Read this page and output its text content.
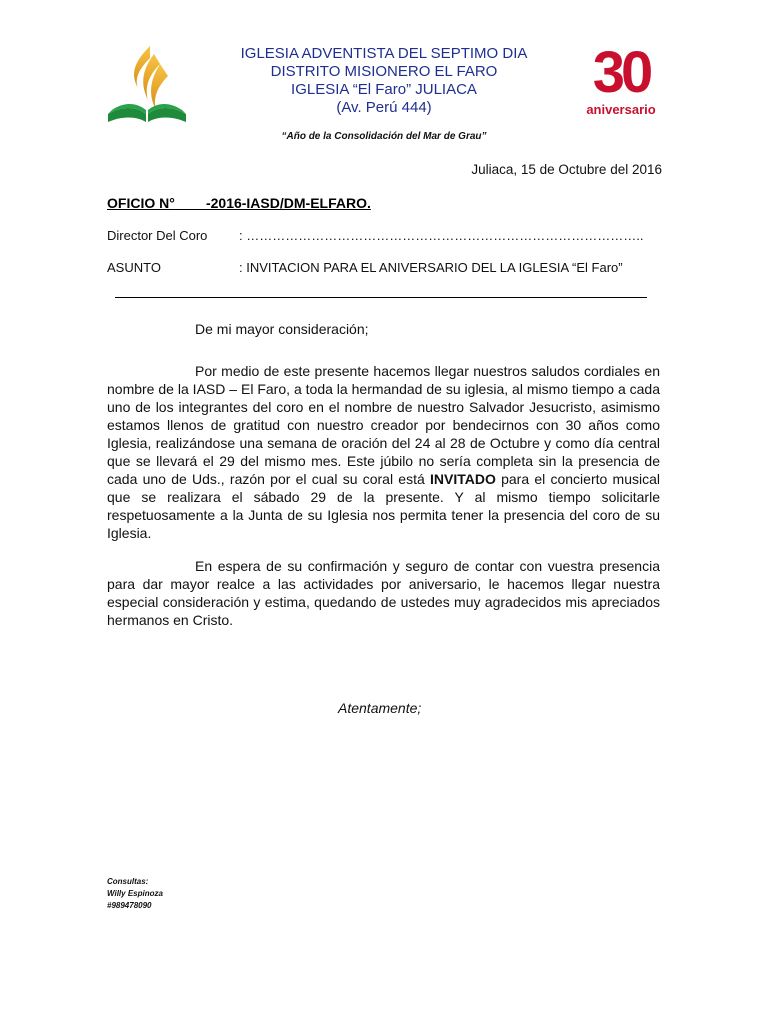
IGLESIA ADVENTISTA DEL SEPTIMO DIA
DISTRITO MISIONERO EL FARO
IGLESIA “El Faro” JULIACA
(Av. Perú 444)
30
aniversario
“Año de la Consolidación del Mar de Grau”
Juliaca, 15 de Octubre del 2016
OFICIO N° -2016-IASD/DM-ELFARO.
Director Del Coro : ………………………………………………………………………………..
ASUNTO	: INVITACION PARA EL ANIVERSARIO DEL LA IGLESIA “El Faro”
De mi mayor consideración;
Por medio de este presente hacemos llegar nuestros saludos cordiales en nombre de la IASD – El Faro, a toda la hermandad de su iglesia, al mismo tiempo a cada uno de los integrantes del coro en el nombre de nuestro Salvador Jesucristo, asimismo estamos llenos de gratitud con nuestro creador por bendecirnos con 30 años como Iglesia, realizándose una semana de oración del 24 al 28 de Octubre y como día central que se llevará el 29 del mismo mes. Este júbilo no sería completa sin la presencia de cada uno de Uds., razón por el cual su coral está INVITADO para el concierto musical que se realizara el sábado 29 de la presente. Y al mismo tiempo solicitarle respetuosamente a la Junta de su Iglesia nos permita tener la presencia del coro de su Iglesia.
En espera de su confirmación y seguro de contar con vuestra presencia para dar mayor realce a las actividades por aniversario, le hacemos llegar nuestra especial consideración y estima, quedando de ustedes muy agradecidos mis apreciados hermanos en Cristo.
Atentamente;
Consultas:
Willy Espinoza
#989478090
